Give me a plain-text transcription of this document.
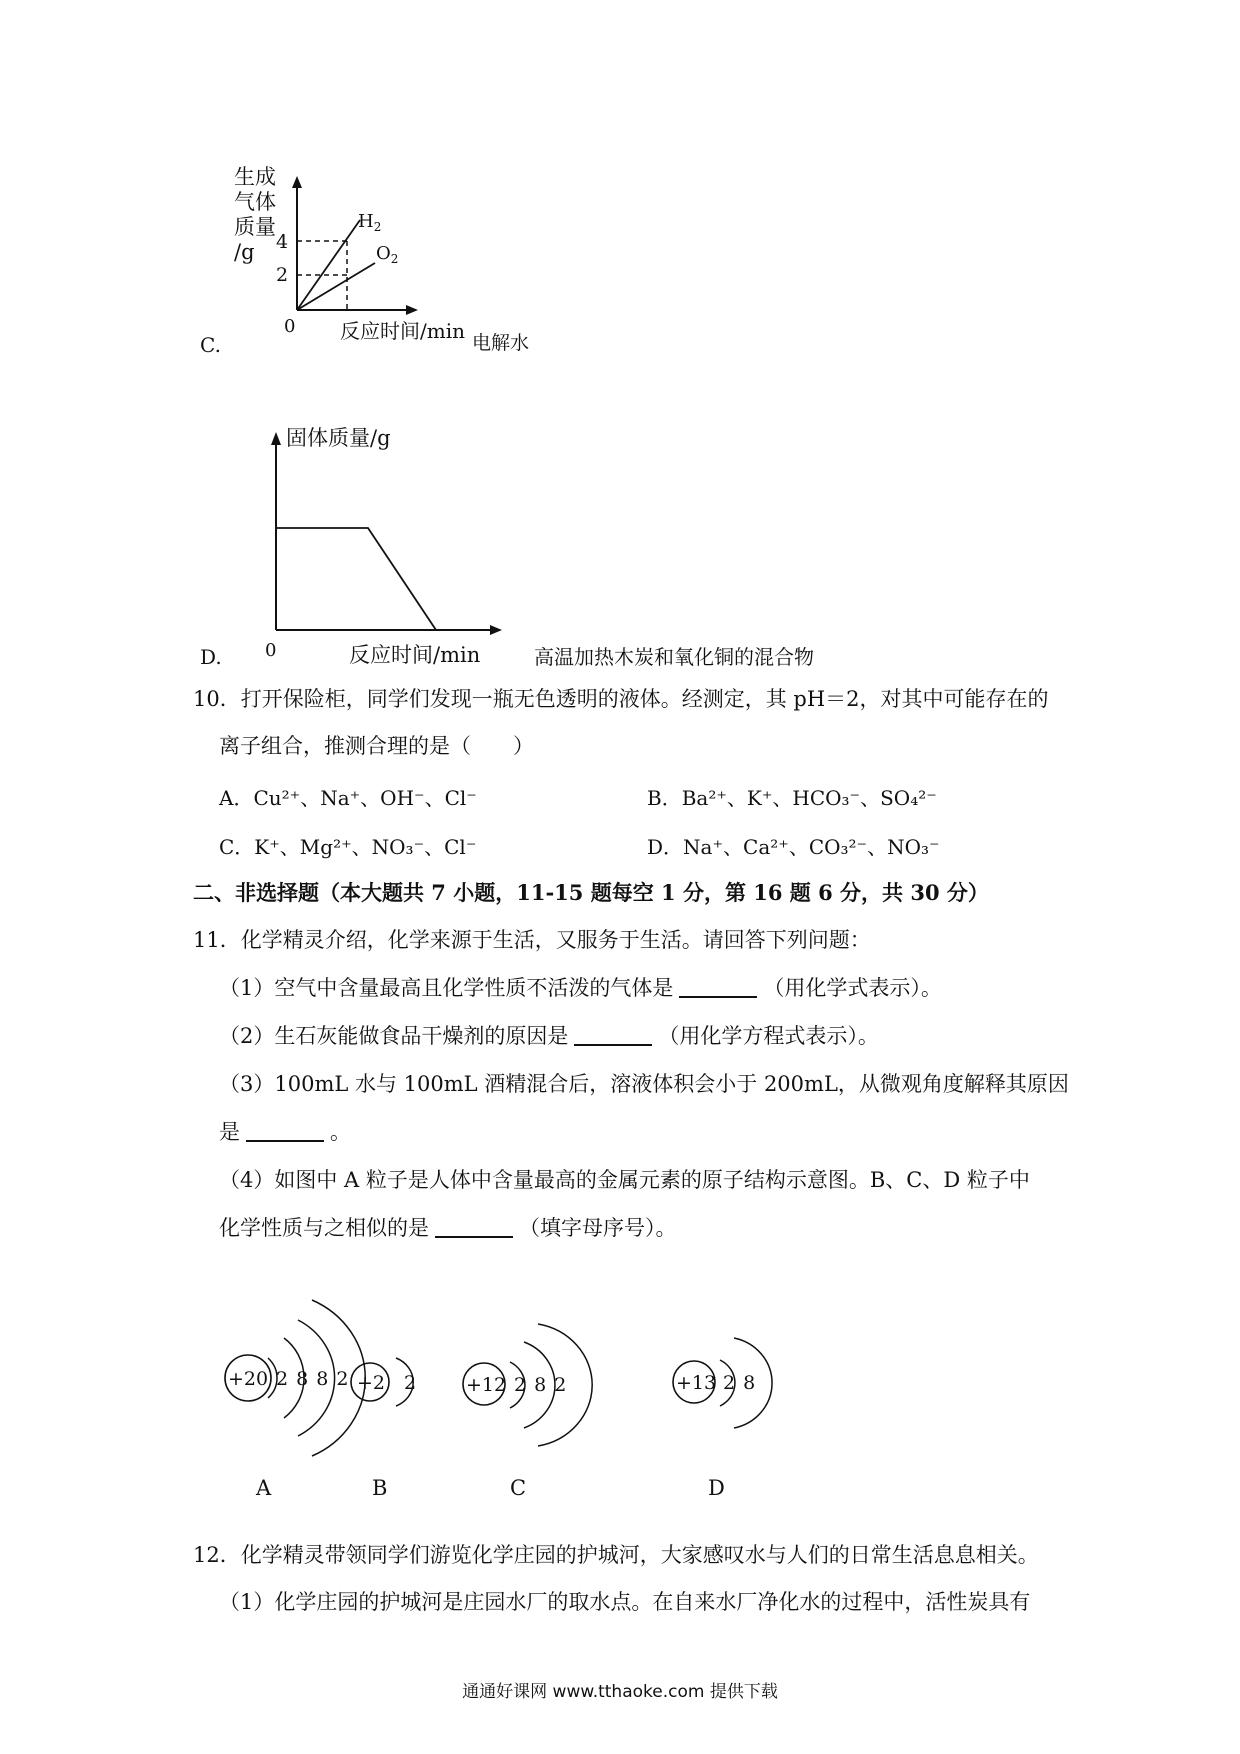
生成
气体
质量
/g 4
2
$H_2$
$O_2$
0 反应时间/min 电解水
C.
固体质量/g
0	反应时间/min	高温加热木炭和氧化铜的混合物
D.
10．打开保险柜，同学们发现一瓶无色透明的液体。经测定，其 pH＝2，对其中可能存在的
离子组合，推测合理的是（　　）
A．Cu²⁺、Na⁺、OH⁻、Cl⁻	B．Ba²⁺、K⁺、HCO₃⁻、SO₄²⁻
C．K⁺、Mg²⁺、NO₃⁻、Cl⁻	D．Na⁺、Ca²⁺、CO₃²⁻、NO₃⁻
二、非选择题（本大题共 7 小题，11-15 题每空 1 分，第 16 题 6 分，共 30 分）
11．化学精灵介绍，化学来源于生活，又服务于生活。请回答下列问题：
（1）空气中含量最高且化学性质不活泼的气体是	（用化学式表示）。
（2）生石灰能做食品干燥剂的原因是	（用化学方程式表示）。
（3）100mL 水与 100mL 酒精混合后，溶液体积会小于 200mL，从微观角度解释其原因
是	。
（4）如图中 A 粒子是人体中含量最高的金属元素的原子结构示意图。B、C、D 粒子中
化学性质与之相似的是	（填字母序号）。
+20 2 8 8 2
A
+2 2
B
+12 2 8 2
C
+13 2 8
D
12．化学精灵带领同学们游览化学庄园的护城河，大家感叹水与人们的日常生活息息相关。
（1）化学庄园的护城河是庄园水厂的取水点。在自来水厂净化水的过程中，活性炭具有
通通好课网 www.tthaoke.com 提供下载
